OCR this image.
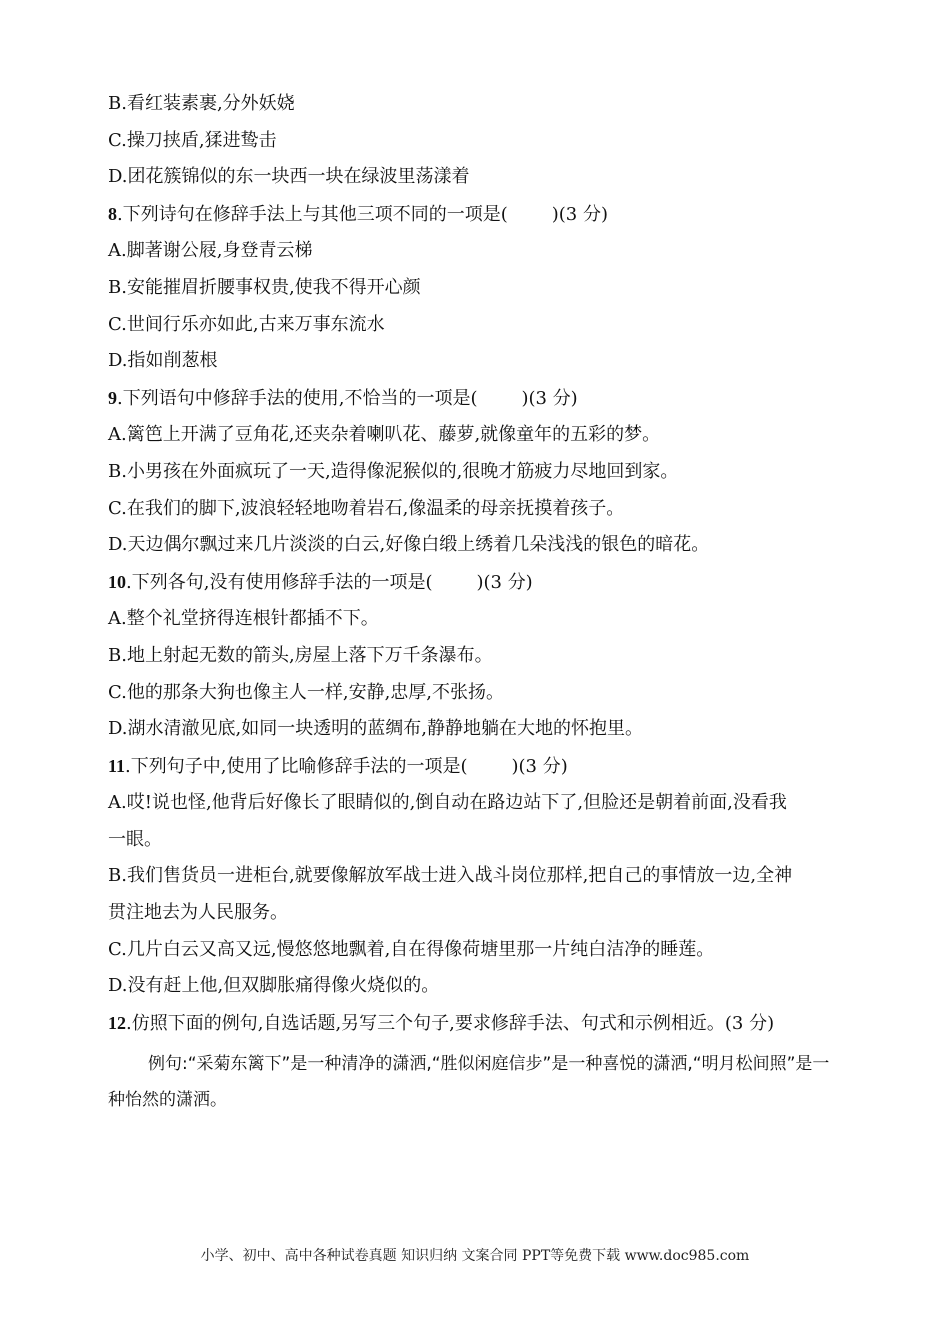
B.看红装素裹,分外妖娆
C.操刀挟盾,猱进鸷击
D.团花簇锦似的东一块西一块在绿波里荡漾着
8.下列诗句在修辞手法上与其他三项不同的一项是( )(3 分)
A.脚著谢公屐,身登青云梯
B.安能摧眉折腰事权贵,使我不得开心颜
C.世间行乐亦如此,古来万事东流水
D.指如削葱根
9.下列语句中修辞手法的使用,不恰当的一项是( )(3 分)
A.篱笆上开满了豆角花,还夹杂着喇叭花、藤萝,就像童年的五彩的梦。
B.小男孩在外面疯玩了一天,造得像泥猴似的,很晚才筋疲力尽地回到家。
C.在我们的脚下,波浪轻轻地吻着岩石,像温柔的母亲抚摸着孩子。
D.天边偶尔飘过来几片淡淡的白云,好像白缎上绣着几朵浅浅的银色的暗花。
10.下列各句,没有使用修辞手法的一项是( )(3 分)
A.整个礼堂挤得连根针都插不下。
B.地上射起无数的箭头,房屋上落下万千条瀑布。
C.他的那条大狗也像主人一样,安静,忠厚,不张扬。
D.湖水清澈见底,如同一块透明的蓝绸布,静静地躺在大地的怀抱里。
11.下列句子中,使用了比喻修辞手法的一项是( )(3 分)
A.哎!说也怪,他背后好像长了眼睛似的,倒自动在路边站下了,但脸还是朝着前面,没看我
一眼。
B.我们售货员一进柜台,就要像解放军战士进入战斗岗位那样,把自己的事情放一边,全神
贯注地去为人民服务。
C.几片白云又高又远,慢悠悠地飘着,自在得像荷塘里那一片纯白洁净的睡莲。
D.没有赶上他,但双脚胀痛得像火烧似的。
12.仿照下面的例句,自选话题,另写三个句子,要求修辞手法、句式和示例相近。(3 分)
例句:“采菊东篱下”是一种清净的潇洒,“胜似闲庭信步”是一种喜悦的潇洒,“明月松间照”是一种怡然的潇洒。
小学、初中、高中各种试卷真题 知识归纳 文案合同 PPT等免费下载 www.doc985.com
